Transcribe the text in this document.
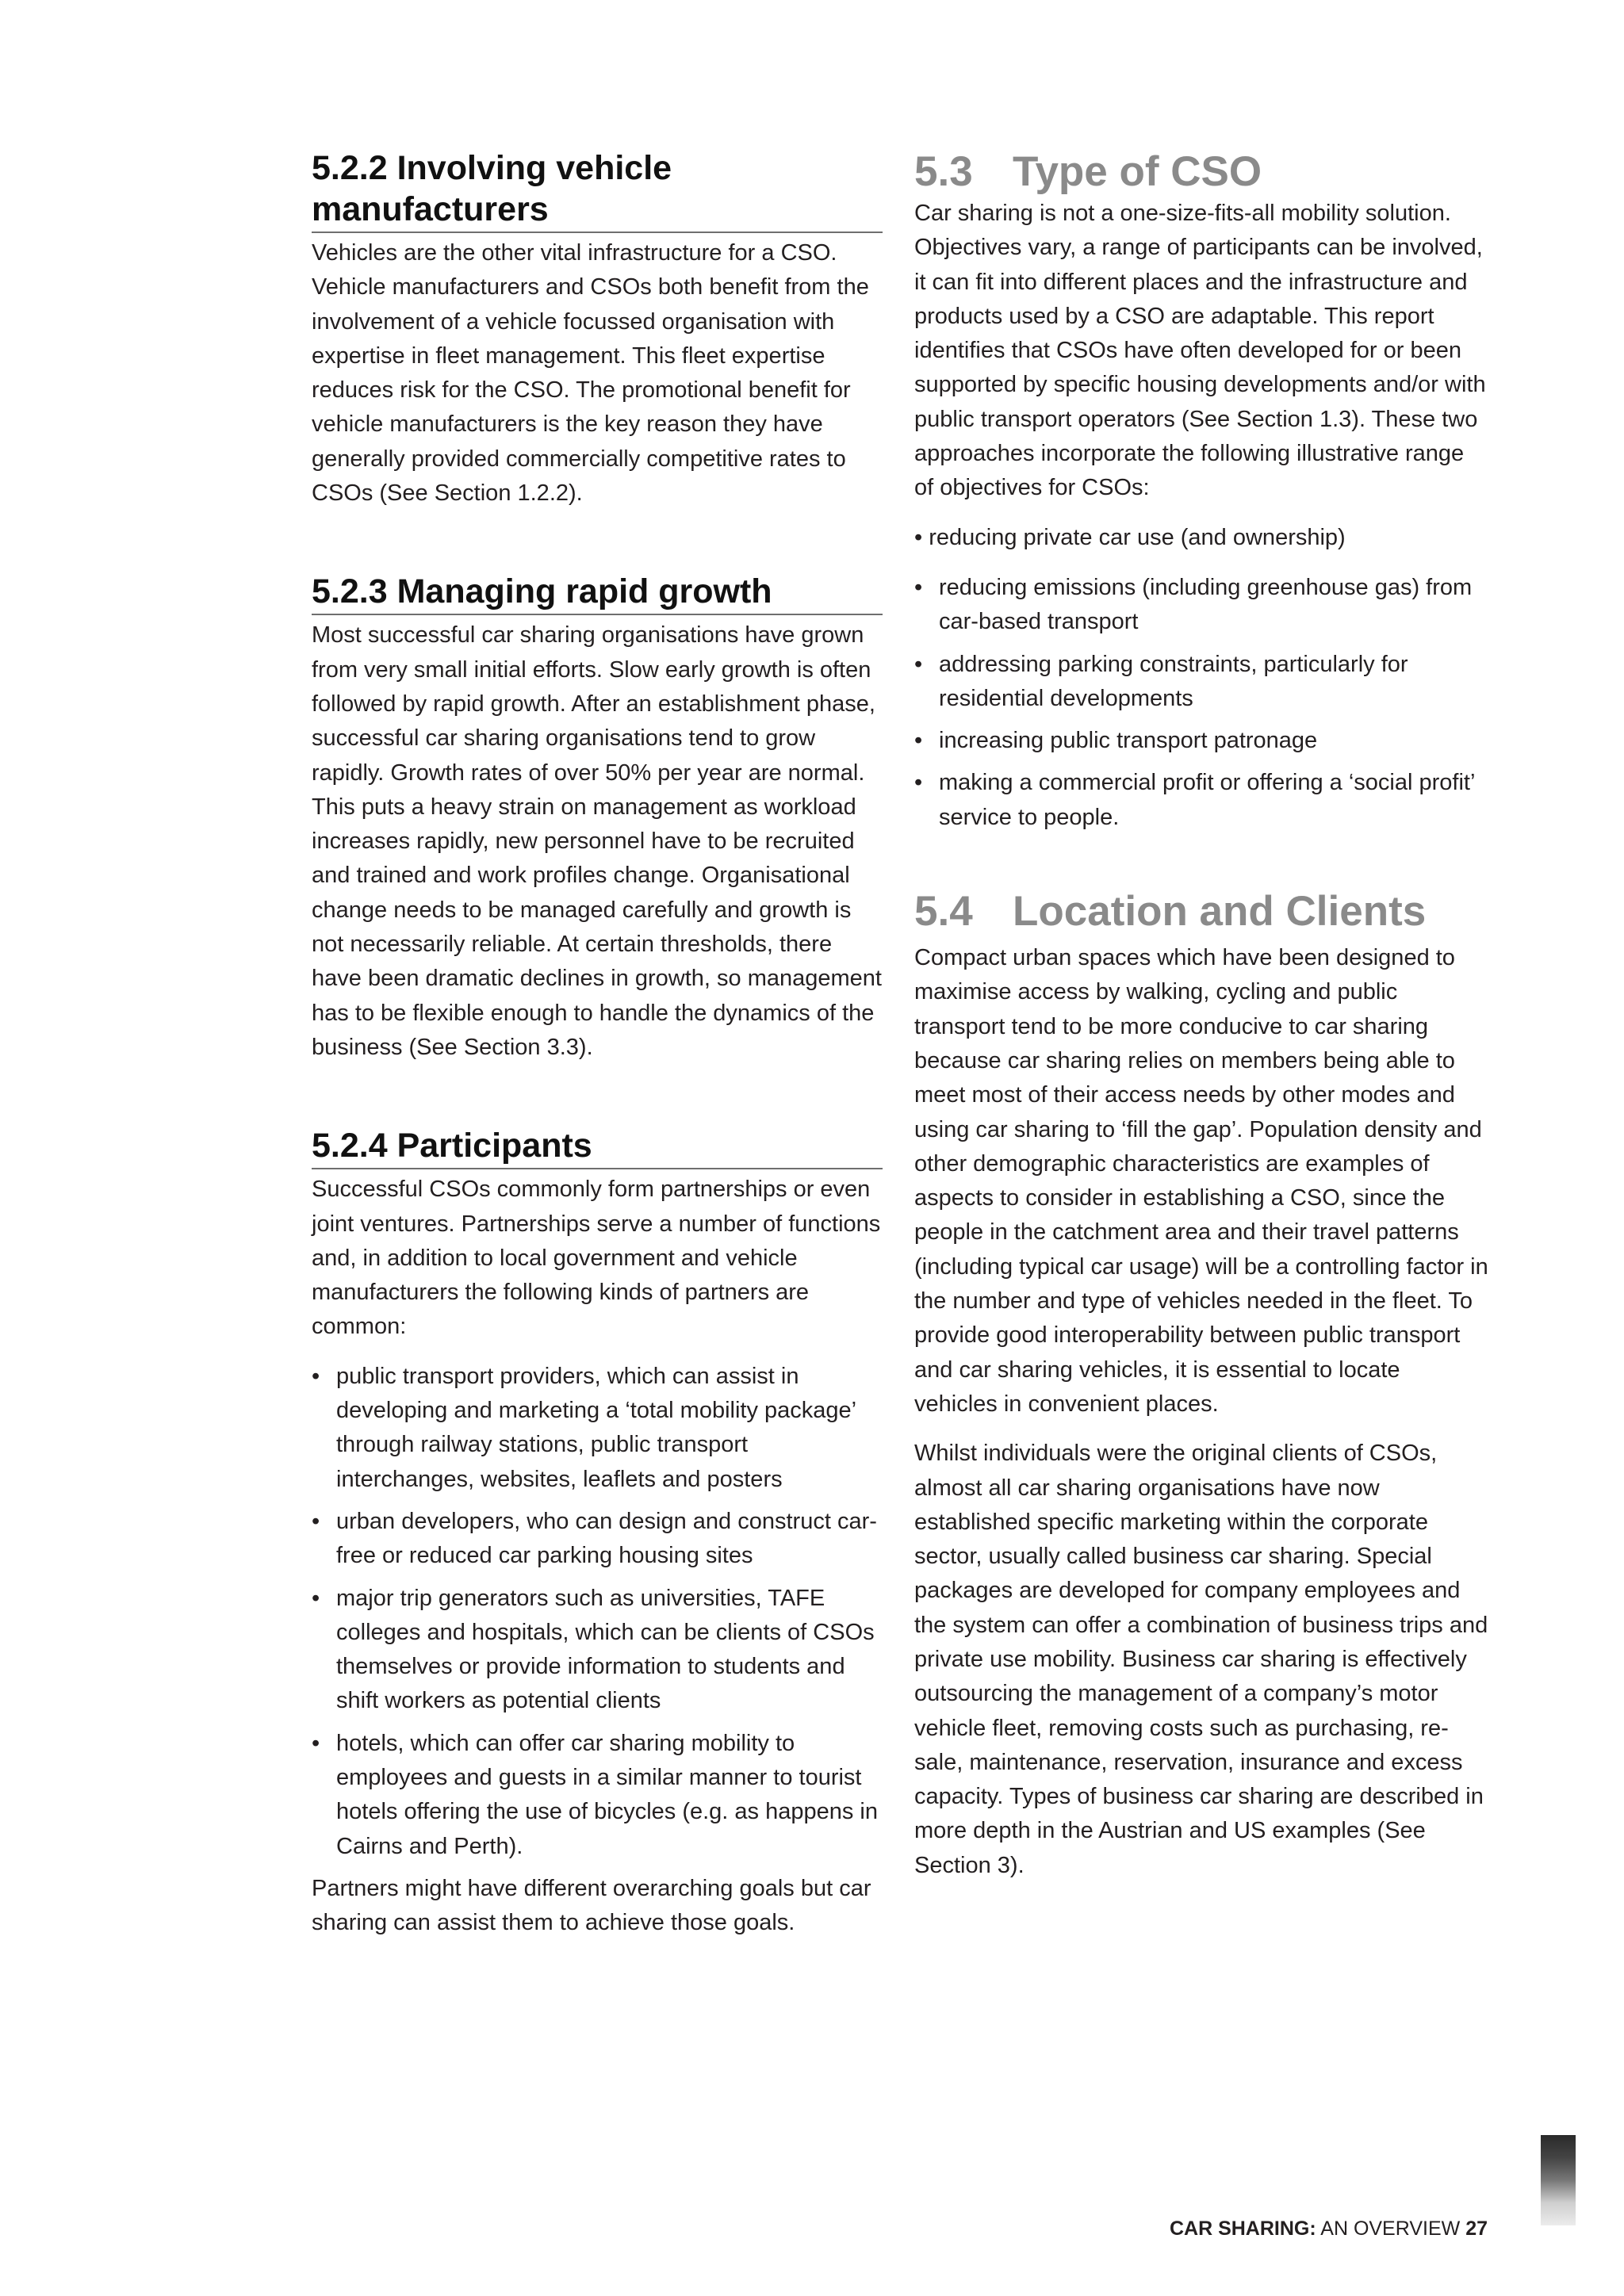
5.2.2 Involving vehicle manufacturers

Vehicles are the other vital infrastructure for a CSO. Vehicle manufacturers and CSOs both benefit from the involvement of a vehicle focussed organisation with expertise in fleet management. This fleet expertise reduces risk for the CSO. The promotional benefit for vehicle manufacturers is the key reason they have generally provided commercially competitive rates to CSOs (See Section 1.2.2).

5.2.3 Managing rapid growth

Most successful car sharing organisations have grown from very small initial efforts. Slow early growth is often followed by rapid growth. After an establishment phase, successful car sharing organisations tend to grow rapidly. Growth rates of over 50% per year are normal. This puts a heavy strain on management as workload increases rapidly, new personnel have to be recruited and trained and work profiles change. Organisational change needs to be managed carefully and growth is not necessarily reliable. At certain thresholds, there have been dramatic declines in growth, so management has to be flexible enough to handle the dynamics of the business (See Section 3.3).

5.2.4 Participants

Successful CSOs commonly form partnerships or even joint ventures. Partnerships serve a number of functions and, in addition to local government and vehicle manufacturers the following kinds of partners are common:

• public transport providers, which can assist in developing and marketing a ‘total mobility package’ through railway stations, public transport interchanges, websites, leaflets and posters
• urban developers, who can design and construct car-free or reduced car parking housing sites
• major trip generators such as universities, TAFE colleges and hospitals, which can be clients of CSOs themselves or provide information to students and shift workers as potential clients
• hotels, which can offer car sharing mobility to employees and guests in a similar manner to tourist hotels offering the use of bicycles (e.g. as happens in Cairns and Perth).

Partners might have different overarching goals but car sharing can assist them to achieve those goals.

5.3 Type of CSO

Car sharing is not a one-size-fits-all mobility solution. Objectives vary, a range of participants can be involved, it can fit into different places and the infrastructure and products used by a CSO are adaptable. This report identifies that CSOs have often developed for or been supported by specific housing developments and/or with public transport operators (See Section 1.3). These two approaches incorporate the following illustrative range of objectives for CSOs:

• reducing private car use (and ownership)

• reducing emissions (including greenhouse gas) from car-based transport
• addressing parking constraints, particularly for residential developments
• increasing public transport patronage
• making a commercial profit or offering a ‘social profit’ service to people.
5.4 Location and Clients

Compact urban spaces which have been designed to maximise access by walking, cycling and public transport tend to be more conducive to car sharing because car sharing relies on members being able to meet most of their access needs by other modes and using car sharing to ‘fill the gap’. Population density and other demographic characteristics are examples of aspects to consider in establishing a CSO, since the people in the catchment area and their travel patterns (including typical car usage) will be a controlling factor in the number and type of vehicles needed in the fleet. To provide good interoperability between public transport and car sharing vehicles, it is essential to locate vehicles in convenient places.

Whilst individuals were the original clients of CSOs, almost all car sharing organisations have now established specific marketing within the corporate sector, usually called business car sharing. Special packages are developed for company employees and the system can offer a combination of business trips and private use mobility. Business car sharing is effectively outsourcing the management of a company’s motor vehicle fleet, removing costs such as purchasing, re-sale, maintenance, reservation, insurance and excess capacity. Types of business car sharing are described in more depth in the Austrian and US examples (See Section 3).

CAR SHARING: AN OVERVIEW 27
